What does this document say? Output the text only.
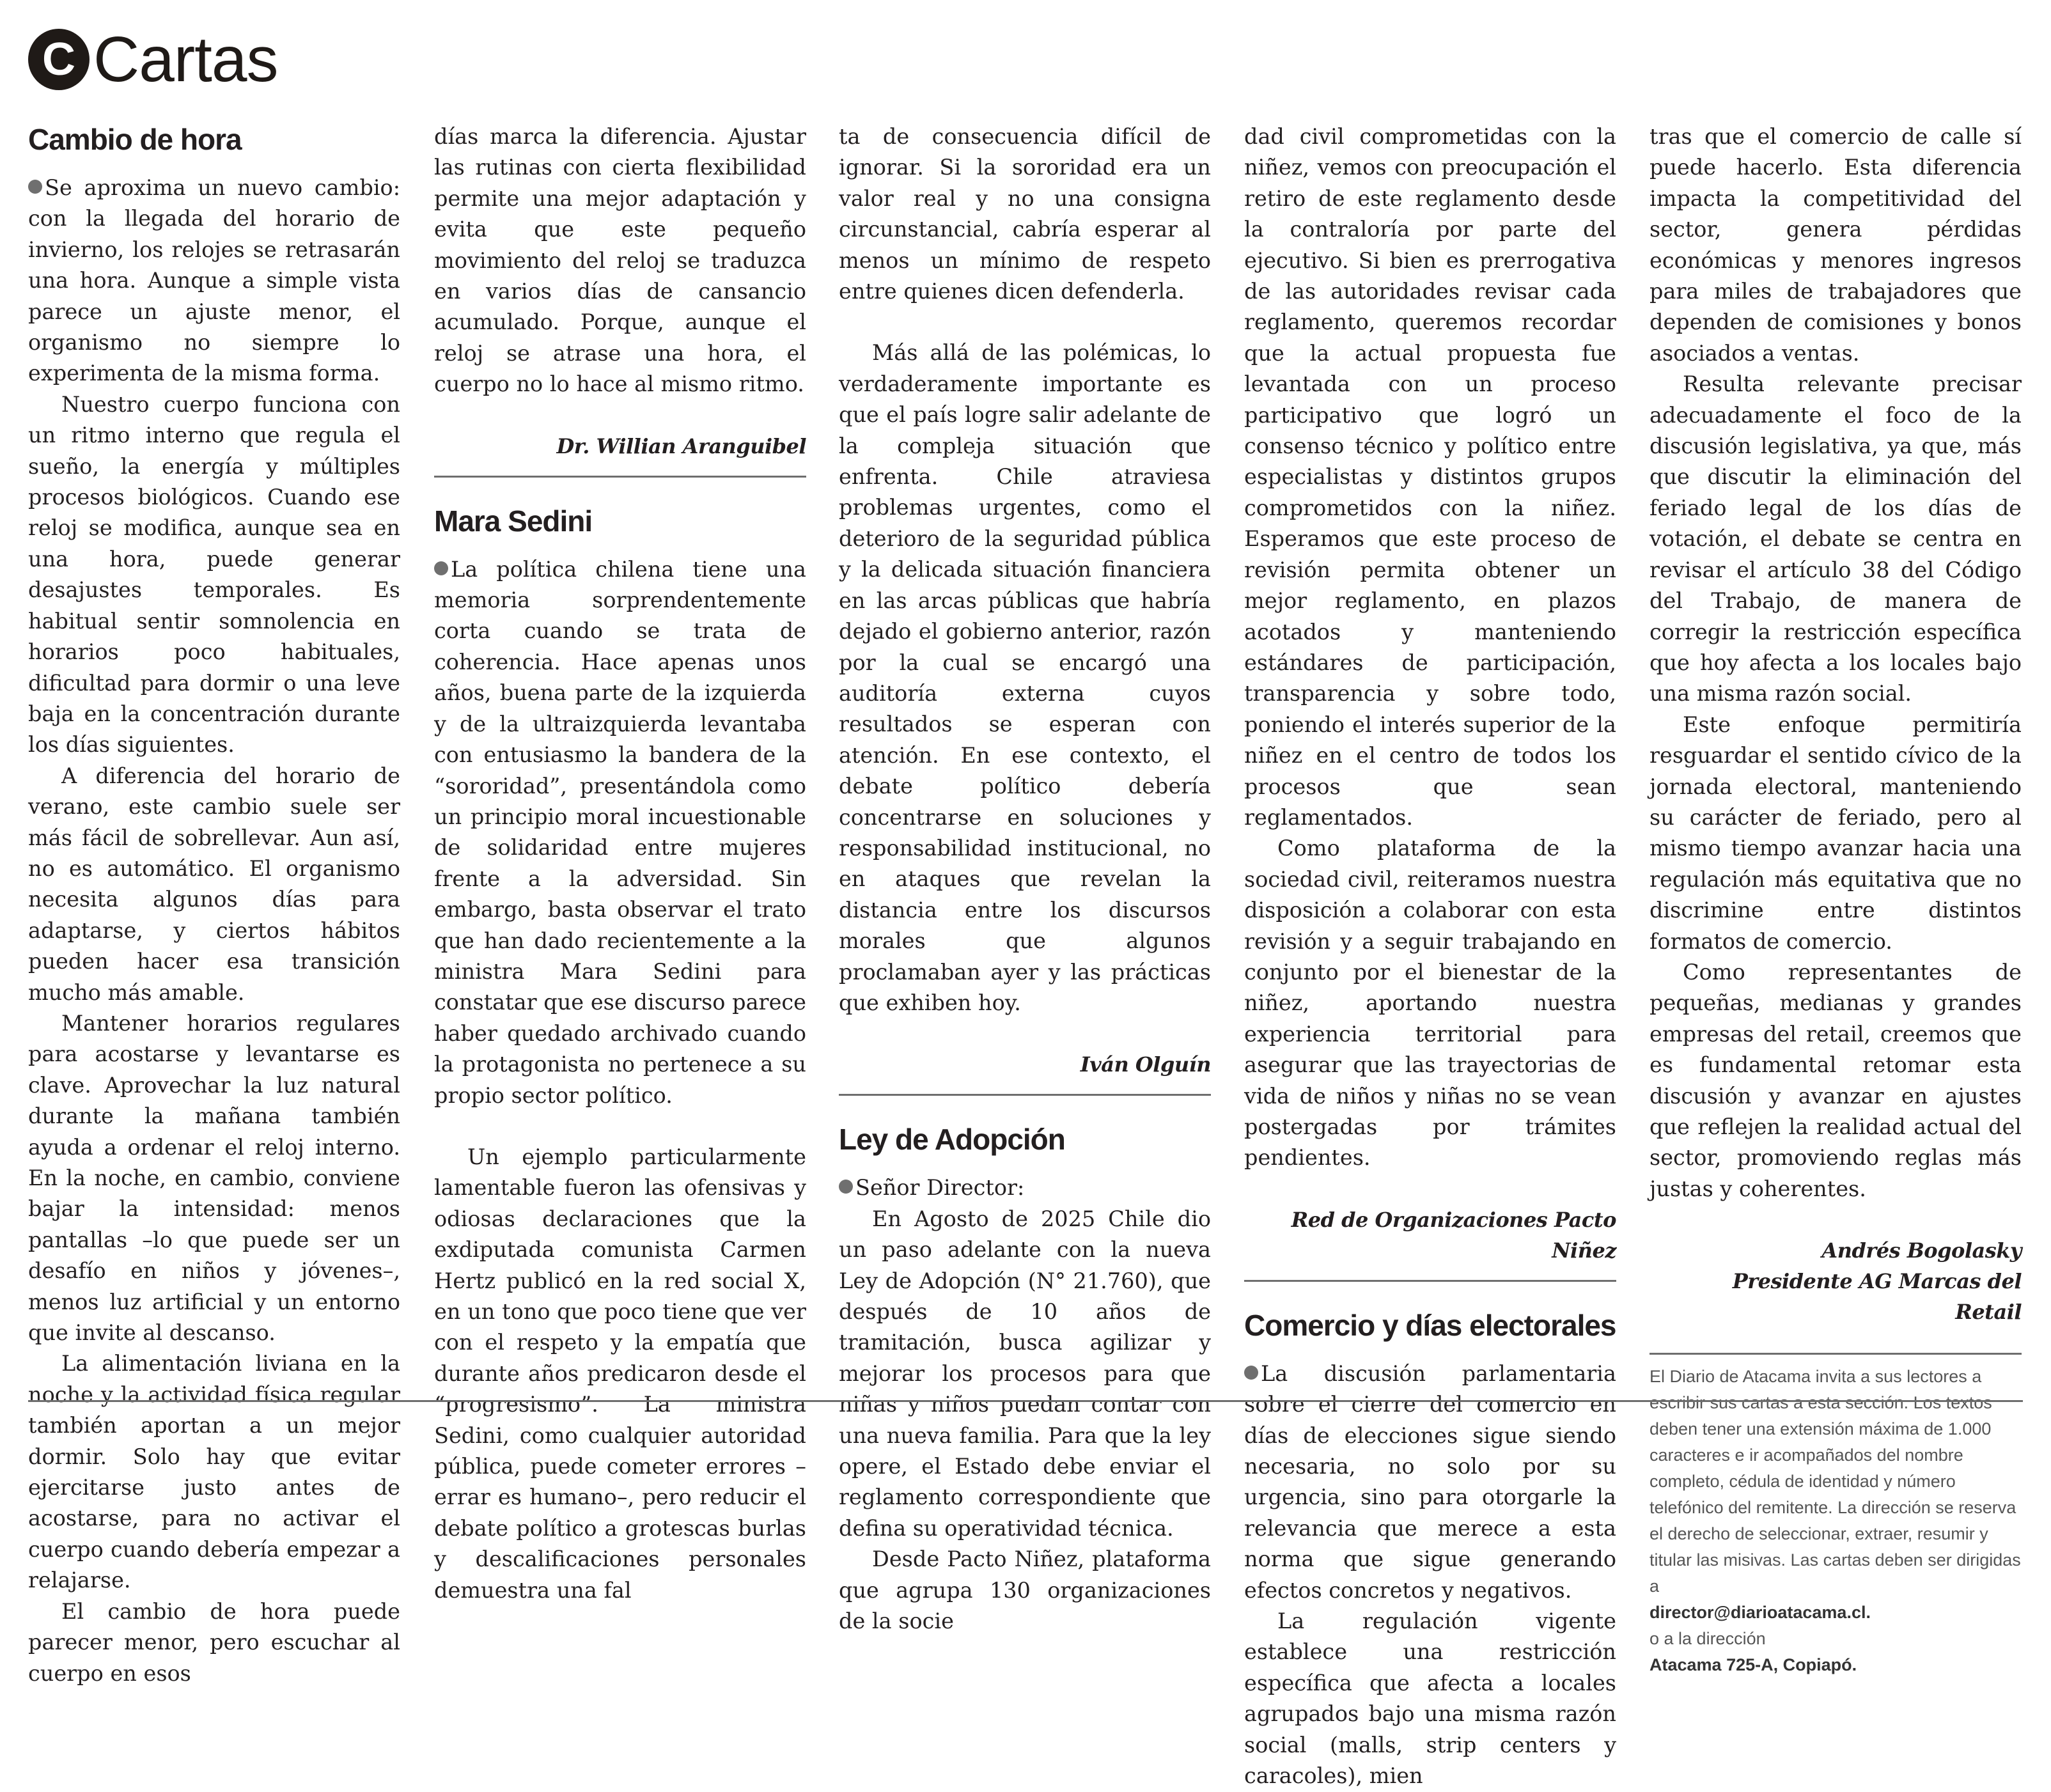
C Cartas
Cambio de hora

Se aproxima un nuevo cambio: con la llegada del horario de invierno, los relojes se retrasarán una hora. Aunque a simple vista parece un ajuste menor, el organismo no siempre lo experimenta de la misma forma.

Nuestro cuerpo funciona con un ritmo interno que regula el sueño, la energía y múltiples procesos biológicos. Cuando ese reloj se modifica, aunque sea en una hora, puede generar desajustes temporales. Es habitual sentir somnolencia en horarios poco habituales, dificultad para dormir o una leve baja en la concentración durante los días siguientes.

A diferencia del horario de verano, este cambio suele ser más fácil de sobrellevar. Aun así, no es automático. El organismo necesita algunos días para adaptarse, y ciertos hábitos pueden hacer esa transición mucho más amable.

Mantener horarios regulares para acostarse y levantarse es clave. Aprovechar la luz natural durante la mañana también ayuda a ordenar el reloj interno. En la noche, en cambio, conviene bajar la intensidad: menos pantallas –lo que puede ser un desafío en niños y jóvenes–, menos luz artificial y un entorno que invite al descanso.

La alimentación liviana en la noche y la actividad física regular también aportan a un mejor dormir. Solo hay que evitar ejercitarse justo antes de acostarse, para no activar el cuerpo cuando debería empezar a relajarse.

El cambio de hora puede parecer menor, pero escuchar al cuerpo en esos

días marca la diferencia. Ajustar las rutinas con cierta flexibilidad permite una mejor adaptación y evita que este pequeño movimiento del reloj se traduzca en varios días de cansancio acumulado. Porque, aunque el reloj se atrase una hora, el cuerpo no lo hace al mismo ritmo.

Dr. Willian Aranguibel

Mara Sedini

La política chilena tiene una memoria sorprendentemente corta cuando se trata de coherencia. Hace apenas unos años, buena parte de la izquierda y de la ultraizquierda levantaba con entusiasmo la bandera de la “sororidad”, presentándola como un principio moral incuestionable de solidaridad entre mujeres frente a la adversidad. Sin embargo, basta observar el trato que han dado recientemente a la ministra Mara Sedini para constatar que ese discurso parece haber quedado archivado cuando la protagonista no pertenece a su propio sector político.

Un ejemplo particularmente lamentable fueron las ofensivas y odiosas declaraciones que la exdiputada comunista Carmen Hertz publicó en la red social X, en un tono que poco tiene que ver con el respeto y la empatía que durante años predicaron desde el “progresismo”. La ministra Sedini, como cualquier autoridad pública, puede cometer errores –errar es humano–, pero reducir el debate político a grotescas burlas y descalificaciones personales demuestra una fal

ta de consecuencia difícil de ignorar. Si la sororidad era un valor real y no una consigna circunstancial, cabría esperar al menos un mínimo de respeto entre quienes dicen defenderla.

Más allá de las polémicas, lo verdaderamente importante es que el país logre salir adelante de la compleja situación que enfrenta. Chile atraviesa problemas urgentes, como el deterioro de la seguridad pública y la delicada situación financiera en las arcas públicas que habría dejado el gobierno anterior, razón por la cual se encargó una auditoría externa cuyos resultados se esperan con atención. En ese contexto, el debate político debería concentrarse en soluciones y responsabilidad institucional, no en ataques que revelan la distancia entre los discursos morales que algunos proclamaban ayer y las prácticas que exhiben hoy.

Iván Olguín

Ley de Adopción

Señor Director:

En Agosto de 2025 Chile dio un paso adelante con la nueva Ley de Adopción (N° 21.760), que después de 10 años de tramitación, busca agilizar y mejorar los procesos para que niñas y niños puedan contar con una nueva familia. Para que la ley opere, el Estado debe enviar el reglamento correspondiente que defina su operatividad técnica.

Desde Pacto Niñez, plataforma que agrupa 130 organizaciones de la socie

dad civil comprometidas con la niñez, vemos con preocupación el retiro de este reglamento desde la contraloría por parte del ejecutivo. Si bien es prerrogativa de las autoridades revisar cada reglamento, queremos recordar que la actual propuesta fue levantada con un proceso participativo que logró un consenso técnico y político entre especialistas y distintos grupos comprometidos con la niñez. Esperamos que este proceso de revisión permita obtener un mejor reglamento, en plazos acotados y manteniendo estándares de participación, transparencia y sobre todo, poniendo el interés superior de la niñez en el centro de todos los procesos que sean reglamentados.

Como plataforma de la sociedad civil, reiteramos nuestra disposición a colaborar con esta revisión y a seguir trabajando en conjunto por el bienestar de la niñez, aportando nuestra experiencia territorial para asegurar que las trayectorias de vida de niños y niñas no se vean postergadas por trámites pendientes.

Red de Organizaciones Pacto Niñez

Comercio y días electorales

La discusión parlamentaria sobre el cierre del comercio en días de elecciones sigue siendo necesaria, no solo por su urgencia, sino para otorgarle la relevancia que merece a esta norma que sigue generando efectos concretos y negativos.

La regulación vigente establece una restricción específica que afecta a locales agrupados bajo una misma razón social (malls, strip centers y caracoles), mien

tras que el comercio de calle sí puede hacerlo. Esta diferencia impacta la competitividad del sector, genera pérdidas económicas y menores ingresos para miles de trabajadores que dependen de comisiones y bonos asociados a ventas.

Resulta relevante precisar adecuadamente el foco de la discusión legislativa, ya que, más que discutir la eliminación del feriado legal de los días de votación, el debate se centra en revisar el artículo 38 del Código del Trabajo, de manera de corregir la restricción específica que hoy afecta a los locales bajo una misma razón social.

Este enfoque permitiría resguardar el sentido cívico de la jornada electoral, manteniendo su carácter de feriado, pero al mismo tiempo avanzar hacia una regulación más equitativa que no discrimine entre distintos formatos de comercio.

Como representantes de pequeñas, medianas y grandes empresas del retail, creemos que es fundamental retomar esta discusión y avanzar en ajustes que reflejen la realidad actual del sector, promoviendo reglas más justas y coherentes.

Andrés Bogolasky

Presidente AG Marcas del Retail

El Diario de Atacama invita a sus lectores a escribir sus cartas a esta sección. Los textos deben tener una extensión máxima de 1.000 caracteres e ir acompañados del nombre completo, cédula de identidad y número telefónico del remitente. La dirección se reserva el derecho de seleccionar, extraer, resumir y titular las misivas. Las cartas deben ser dirigidas a
director@diarioatacama.cl.
o a la dirección
Atacama 725-A, Copiapó.
